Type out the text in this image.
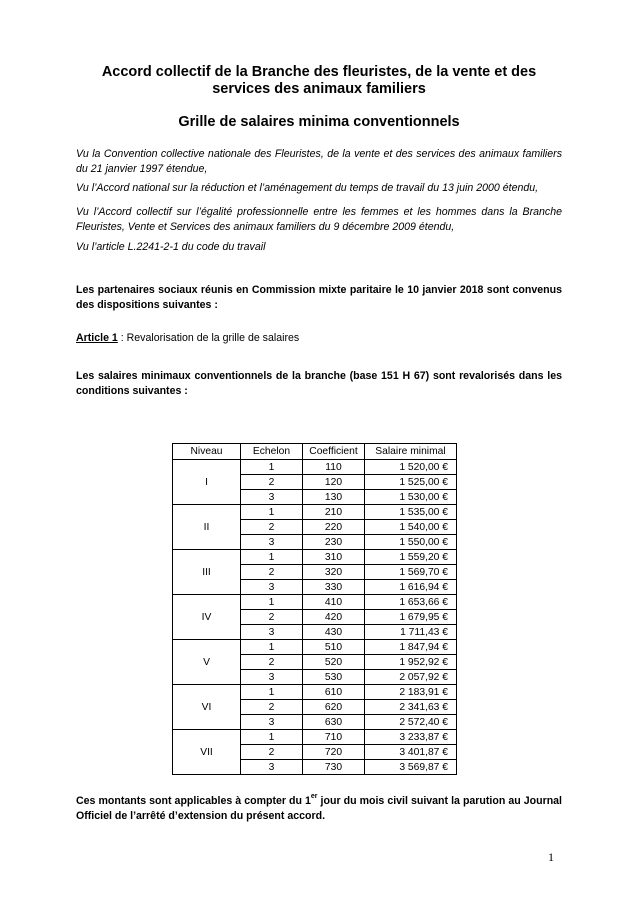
Accord collectif de la Branche des fleuristes, de la vente et des services des animaux familiers
Grille de salaires minima conventionnels
Vu la Convention collective nationale des Fleuristes, de la vente et des services des animaux familiers du 21 janvier 1997 étendue,
Vu l’Accord national sur la réduction et l’aménagement du temps de travail du 13 juin 2000 étendu,
Vu l’Accord collectif sur l’égalité professionnelle entre les femmes et les hommes dans la Branche Fleuristes, Vente et Services des animaux familiers du 9 décembre 2009 étendu,
Vu l’article L.2241-2-1 du code du travail
Les partenaires sociaux réunis en Commission mixte paritaire le 10 janvier 2018 sont convenus des dispositions suivantes :
Article 1 : Revalorisation de la grille de salaires
Les salaires minimaux conventionnels de la branche (base 151 H 67) sont revalorisés dans les conditions suivantes :
Niveau	Echelon	Coefficient	Salaire minimal
I	1	110	1 520,00 €
	2	120	1 525,00 €
	3	130	1 530,00 €
II	1	210	1 535,00 €
	2	220	1 540,00 €
	3	230	1 550,00 €
III	1	310	1 559,20 €
	2	320	1 569,70 €
	3	330	1 616,94 €
IV	1	410	1 653,66 €
	2	420	1 679,95 €
	3	430	1 711,43 €
V	1	510	1 847,94 €
	2	520	1 952,92 €
	3	530	2 057,92 €
VI	1	610	2 183,91 €
	2	620	2 341,63 €
	3	630	2 572,40 €
VII	1	710	3 233,87 €
	2	720	3 401,87 €
	3	730	3 569,87 €
Ces montants sont applicables à compter du 1er jour du mois civil suivant la parution au Journal Officiel de l’arrêté d’extension du présent accord.
1
